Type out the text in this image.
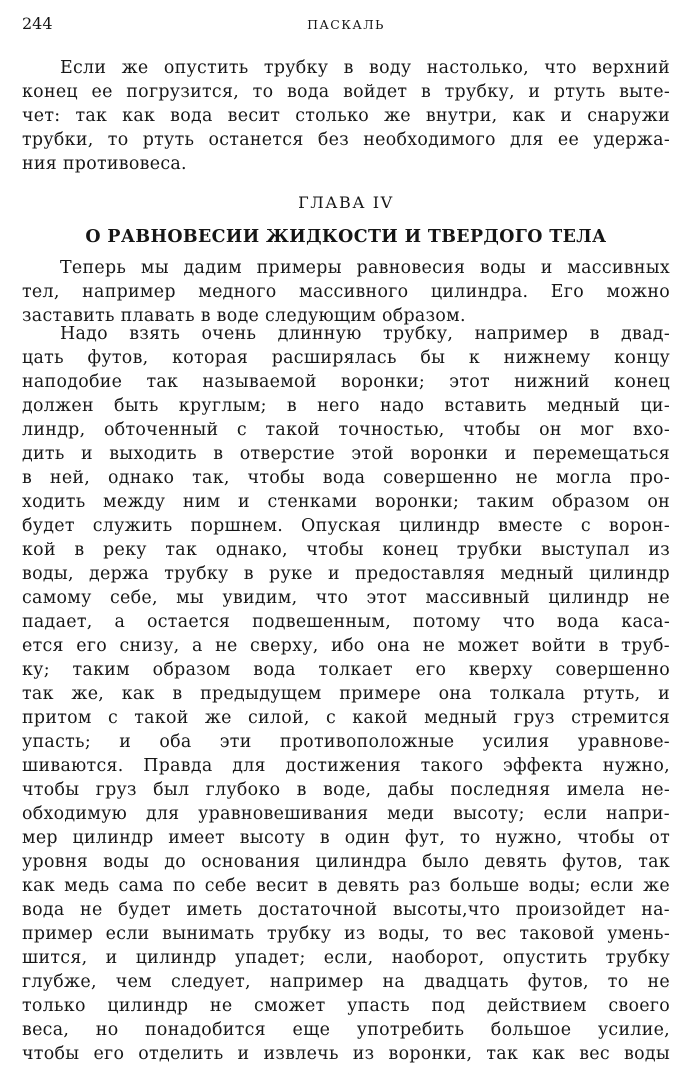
244	ПАСКАЛЬ
Если же опустить трубку в воду настолько, что верхний
конец ее погрузится, то вода войдет в трубку, и ртуть выте-
чет: так как вода весит столько же внутри, как и снаружи
трубки, то ртуть останется без необходимого для ее удержа-
ния противовеса.
ГЛАВА IV
О РАВНОВЕСИИ ЖИДКОСТИ И ТВЕРДОГО ТЕЛА
Теперь мы дадим примеры равновесия воды и массивных
тел, например медного массивного цилиндра. Его можно
заставить плавать в воде следующим образом.
Надо взять очень длинную трубку, например в двад-
цать футов, которая расширялась бы к нижнему концу
наподобие так называемой воронки; этот нижний конец
должен быть круглым; в него надо вставить медный ци-
линдр, обточенный с такой точностью, чтобы он мог вхо-
дить и выходить в отверстие этой воронки и перемещаться
в ней, однако так, чтобы вода совершенно не могла про-
ходить между ним и стенками воронки; таким образом он
будет служить поршнем. Опуская цилиндр вместе с ворон-
кой в реку так однако, чтобы конец трубки выступал из
воды, держа трубку в руке и предоставляя медный цилиндр
самому себе, мы увидим, что этот массивный цилиндр не
падает, а остается подвешенным, потому что вода каса-
ется его снизу, а не сверху, ибо она не может войти в труб-
ку; таким образом вода толкает его кверху совершенно
так же, как в предыдущем примере она толкала ртуть, и
притом с такой же силой, с какой медный груз стремится
упасть; и оба эти противоположные усилия уравнове-
шиваются. Правда для достижения такого эффекта нужно,
чтобы груз был глубоко в воде, дабы последняя имела не-
обходимую для уравновешивания меди высоту; если напри-
мер цилиндр имеет высоту в один фут, то нужно, чтобы от
уровня воды до основания цилиндра было девять футов, так
как медь сама по себе весит в девять раз больше воды; если же
вода не будет иметь достаточной высоты,что произойдет на-
пример если вынимать трубку из воды, то вес таковой умень-
шится, и цилиндр упадет; если, наоборот, опустить трубку
глубже, чем следует, например на двадцать футов, то не
только цилиндр не сможет упасть под действием своего
веса, но понадобится еще употребить большое усилие,
чтобы его отделить и извлечь из воронки, так как вес воды
